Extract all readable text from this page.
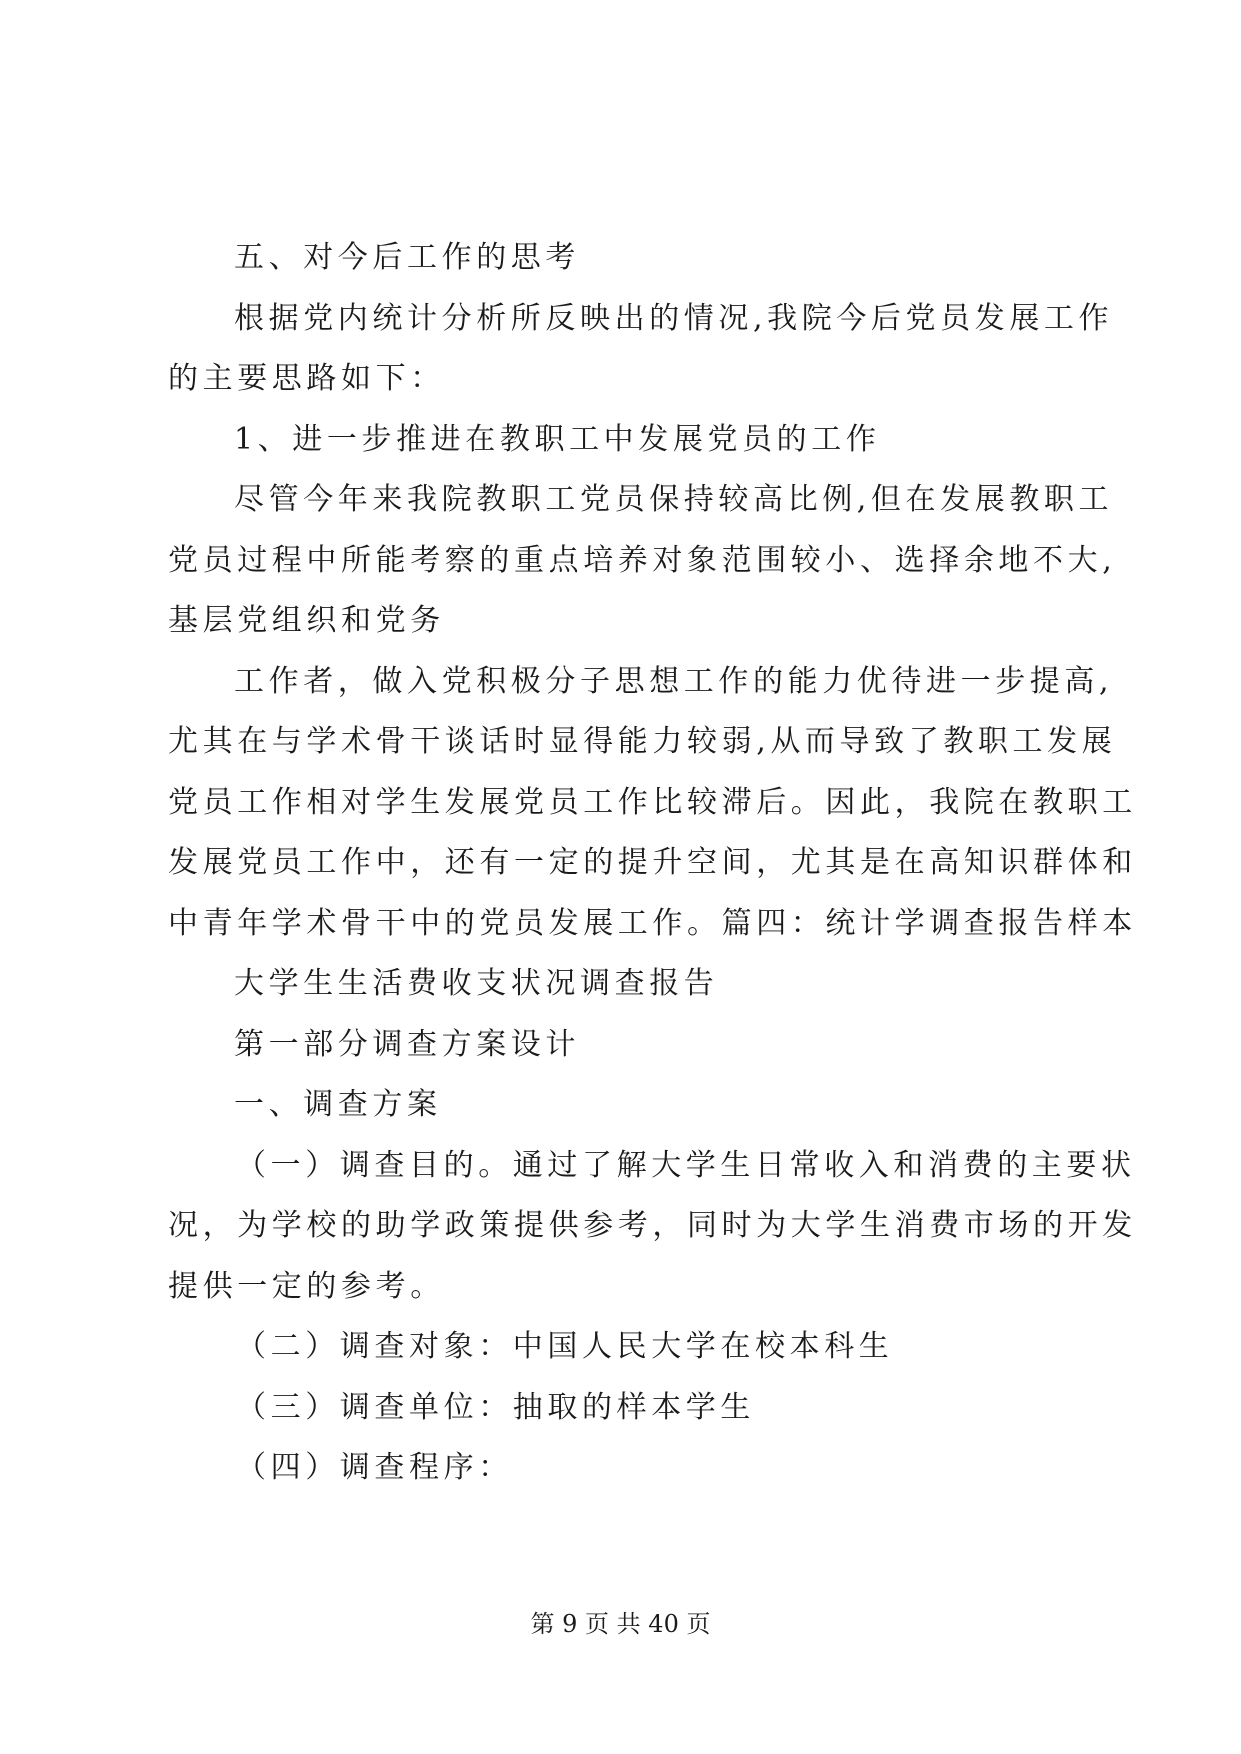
五、对今后工作的思考
根据党内统计分析所反映出的情况,我院今后党员发展工作
的主要思路如下：
1、进一步推进在教职工中发展党员的工作
尽管今年来我院教职工党员保持较高比例,但在发展教职工
党员过程中所能考察的重点培养对象范围较小、选择余地不大,
基层党组织和党务
工作者，做入党积极分子思想工作的能力优待进一步提高,
尤其在与学术骨干谈话时显得能力较弱,从而导致了教职工发展
党员工作相对学生发展党员工作比较滞后。因此，我院在教职工
发展党员工作中，还有一定的提升空间，尤其是在高知识群体和
中青年学术骨干中的党员发展工作。篇四：统计学调查报告样本
大学生生活费收支状况调查报告
第一部分调查方案设计
一、调查方案
（一）调查目的。通过了解大学生日常收入和消费的主要状
况，为学校的助学政策提供参考，同时为大学生消费市场的开发
提供一定的参考。
（二）调查对象：中国人民大学在校本科生
（三）调查单位：抽取的样本学生
（四）调查程序：
第 9 页 共 40 页
